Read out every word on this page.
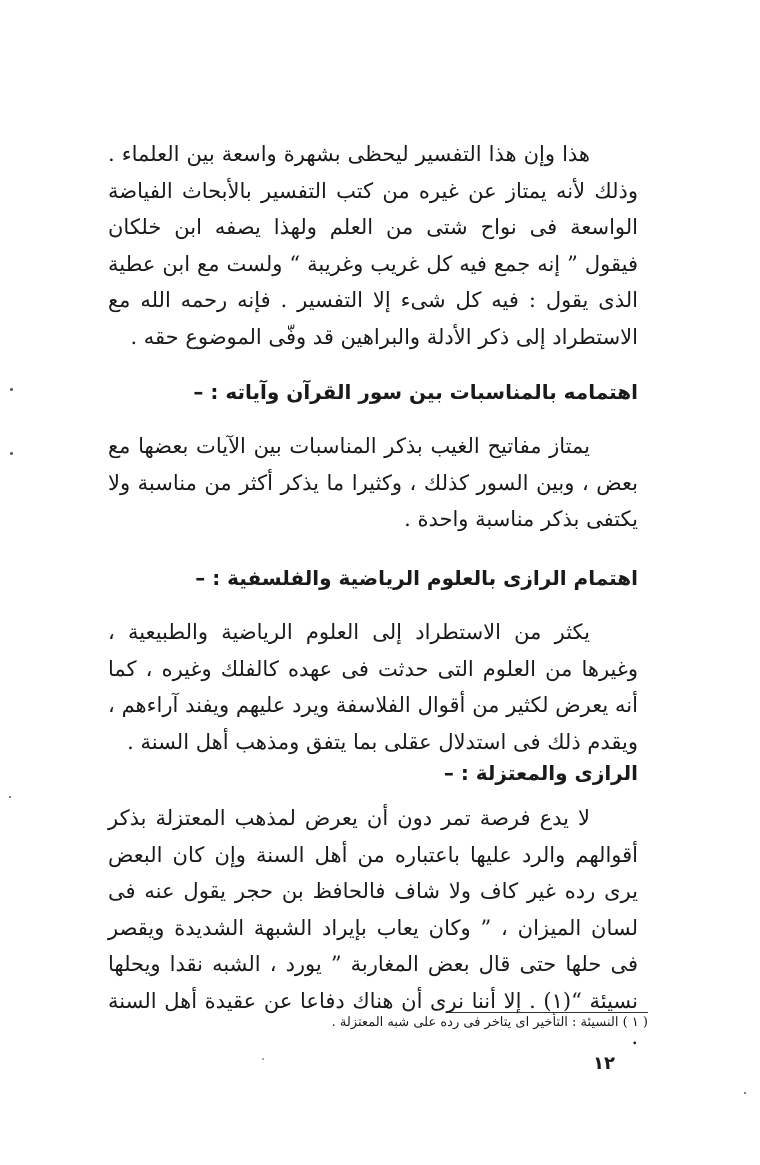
هذا وإن هذا التفسير ليحظى بشهرة واسعة بين العلماء . وذلك لأنه يمتاز عن غيره من كتب التفسير بالأبحاث الفياضة الواسعة فى نواح شتى من العلم ولهذا يصفه ابن خلكان فيقول ” إنه جمع فيه كل غريب وغريبة “ ولست مع ابن عطية الذى يقول : فيه كل شىء إلا التفسير . فإنه رحمه الله مع الاستطراد إلى ذكر الأدلة والبراهين قد وفّى الموضوع حقه .

اهتمامه بالمناسبات بين سور القرآن وآياته : –

يمتاز مفاتيح الغيب بذكر المناسبات بين الآيات بعضها مع بعض ، وبين السور كذلك ، وكثيرا ما يذكر أكثر من مناسبة ولا يكتفى بذكر مناسبة واحدة .

اهتمام الرازى بالعلوم الرياضية والفلسفية : –

يكثر من الاستطراد إلى العلوم الرياضية والطبيعية ، وغيرها من العلوم التى حدثت فى عهده كالفلك وغيره ، كما أنه يعرض لكثير من أقوال الفلاسفة ويرد عليهم ويفند آراءهم ، ويقدم ذلك فى استدلال عقلى بما يتفق ومذهب أهل السنة .

الرازى والمعتزلة : –

لا يدع فرصة تمر دون أن يعرض لمذهب المعتزلة بذكر أقوالهم والرد عليها باعتباره من أهل السنة وإن كان البعض يرى رده غير كاف ولا شاف فالحافظ بن حجر يقول عنه فى لسان الميزان ، ” وكان يعاب بإيراد الشبهة الشديدة ويقصر فى حلها حتى قال بعض المغاربة ” يورد ، الشبه نقدا ويحلها نسيئة “(١) . إلا أننا نرى أن هناك دفاعا عن عقيدة أهل السنة .

( ١ ) النسيئة : التأخير اى يتاخر فى رده على شبه المعتزلة .

١٢
